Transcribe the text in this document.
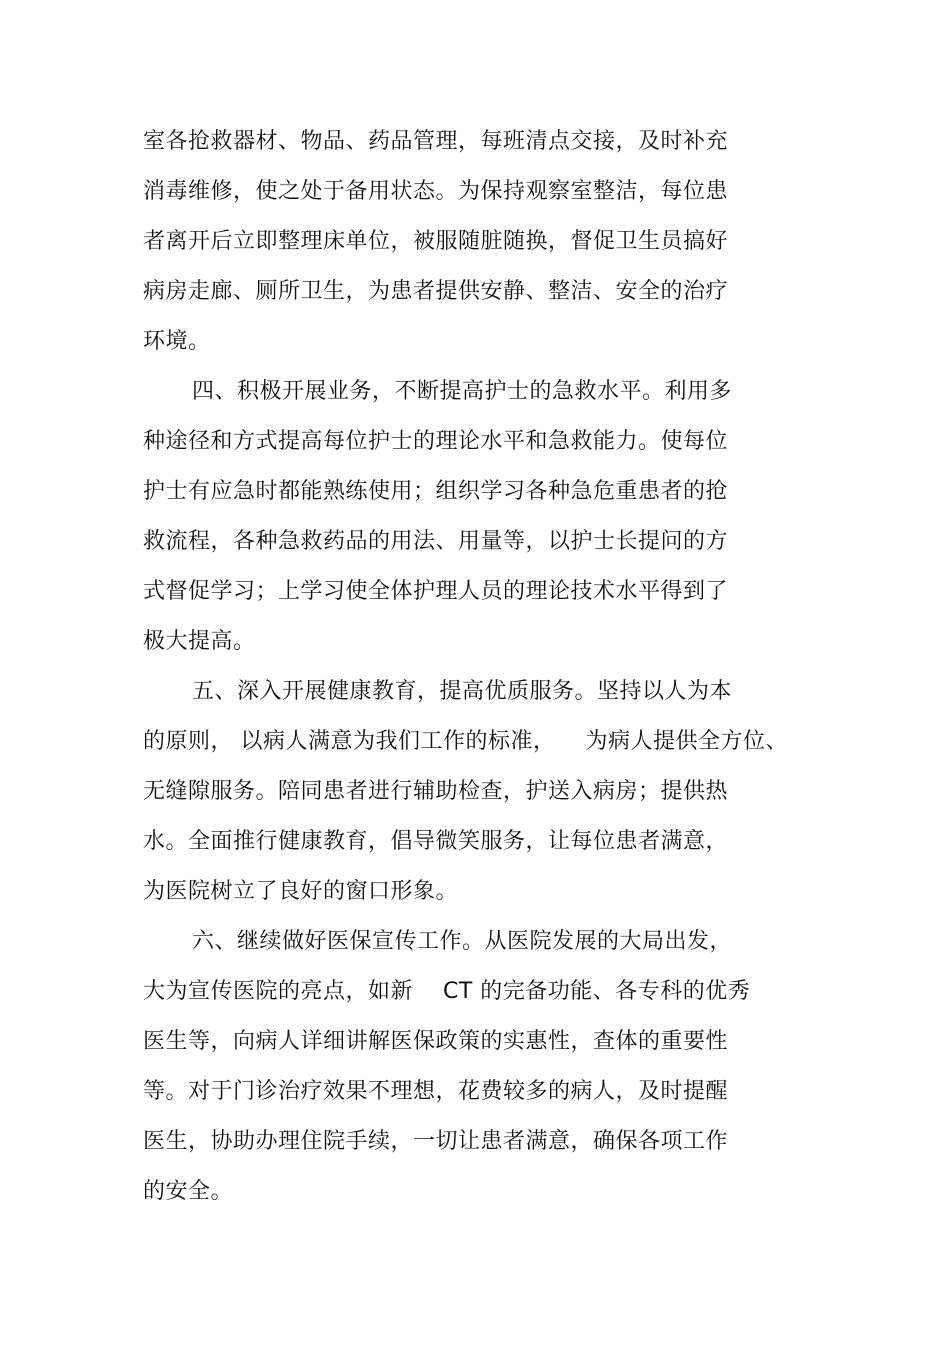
室各抢救器材、物品、药品管理，每班清点交接，及时补充
消毒维修，使之处于备用状态。为保持观察室整洁，每位患
者离开后立即整理床单位，被服随脏随换，督促卫生员搞好
病房走廊、厕所卫生，为患者提供安静、整洁、安全的治疗
环境。
四、积极开展业务，不断提高护士的急救水平。利用多
种途径和方式提高每位护士的理论水平和急救能力。使每位
护士有应急时都能熟练使用；组织学习各种急危重患者的抢
救流程，各种急救药品的用法、用量等，以护士长提问的方
式督促学习；上学习使全体护理人员的理论技术水平得到了
极大提高。
五、深入开展健康教育，提高优质服务。坚持以人为本
的原则， 以病人满意为我们工作的标准，    为病人提供全方位、
无缝隙服务。陪同患者进行辅助检查，护送入病房；提供热
水。全面推行健康教育，倡导微笑服务，让每位患者满意，
为医院树立了良好的窗口形象。
六、继续做好医保宣传工作。从医院发展的大局出发，
大为宣传医院的亮点，如新    CT 的完备功能、各专科的优秀
医生等，向病人详细讲解医保政策的实惠性，查体的重要性
等。对于门诊治疗效果不理想，花费较多的病人，及时提醒
医生，协助办理住院手续，一切让患者满意，确保各项工作
的安全。
